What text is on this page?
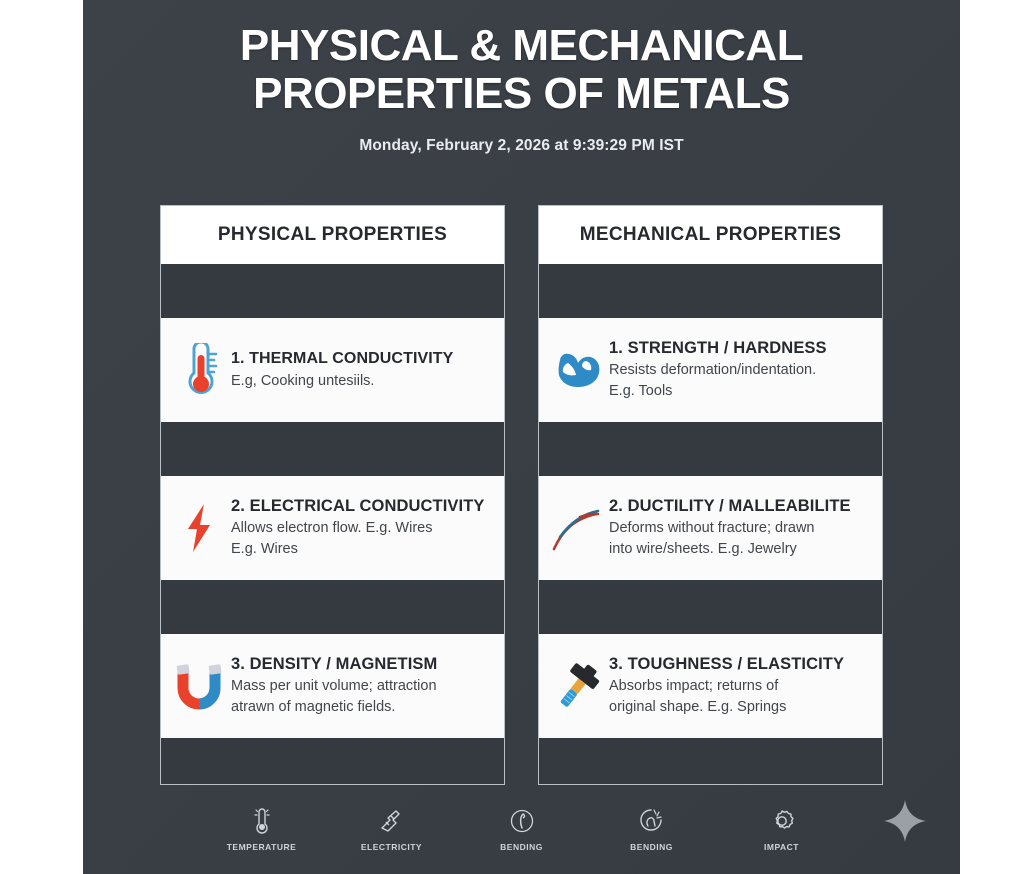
PHYSICAL & MECHANICAL PROPERTIES OF METALS
Monday, February 2, 2026 at 9:39:29 PM IST
PHYSICAL PROPERTIES
1. THERMAL CONDUCTIVITY
E.g, Cooking untesiils.
2. ELECTRICAL CONDUCTIVITY
Allows electron flow. E.g. Wires
E.g. Wires
3. DENSITY / MAGNETISM
Mass per unit volume; attraction
atrawn of magnetic fields.
MECHANICAL PROPERTIES
1. STRENGTH / HARDNESS
Resists deformation/indentation.
E.g. Tools
2. DUCTILITY / MALLEABILITE
Deforms without fracture; drawn
into wire/sheets. E.g. Jewelry
3. TOUGHNESS / ELASTICITY
Absorbs impact; returns of
original shape. E.g. Springs
TEMPERATURE	ELECTRICITY	BENDING	BENDING	IMPACT
